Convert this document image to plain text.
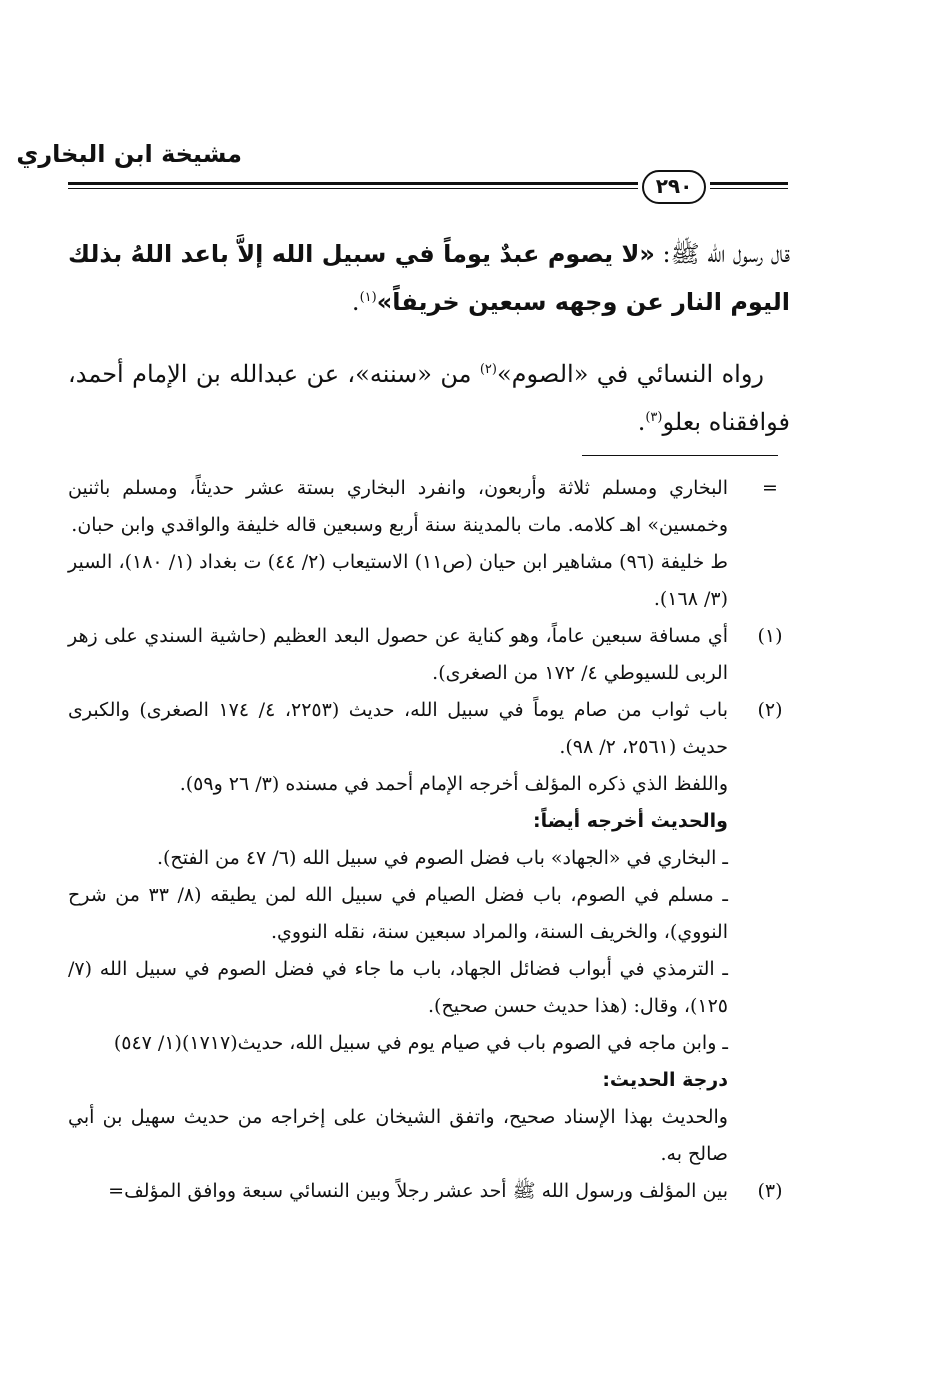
مشيخة ابن البخاري
٢٩٠
قال رسول الله ﷺ: «لا يصوم عبدٌ يوماً في سبيل الله إلاَّ باعد اللهُ بذلك اليوم النار عن وجهه سبعين خريفاً»$^{(١)}$.
رواه النسائي في «الصوم»$^{(٢)}$ من «سننه»، عن عبدالله بن الإمام أحمد، فوافقناه بعلو$^{(٣)}$.
=

البخاري ومسلم ثلاثة وأربعون، وانفرد البخاري بستة عشر حديثاً، ومسلم باثنين وخمسين» اهـ كلامه. مات بالمدينة سنة أربع وسبعين قاله خليفة والواقدي وابن حبان.

ط خليفة (٩٦) مشاهير ابن حيان (ص١١) الاستيعاب (٢/ ٤٤) ت بغداد (١/ ١٨٠)، السير (٣/ ١٦٨).

(١)

أي مسافة سبعين عاماً، وهو كناية عن حصول البعد العظيم (حاشية السندي على زهر الربى للسيوطي ٤/ ١٧٢ من الصغرى).

(٢)

باب ثواب من صام يوماً في سبيل الله، حديث (٢٢٥٣، ٤/ ١٧٤ الصغرى) والكبرى حديث (٢٥٦١، ٢/ ٩٨).

واللفظ الذي ذكره المؤلف أخرجه الإمام أحمد في مسنده (٣/ ٢٦ و٥٩).

والحديث أخرجه أيضاً:

ـ البخاري في «الجهاد» باب فضل الصوم في سبيل الله (٦/ ٤٧ من الفتح).

ـ مسلم في الصوم، باب فضل الصيام في سبيل الله لمن يطيقه (٨/ ٣٣ من شرح النووي)، والخريف السنة، والمراد سبعين سنة، نقله النووي.

ـ الترمذي في أبواب فضائل الجهاد، باب ما جاء في فضل الصوم في سبيل الله (٧/ ١٢٥)، وقال: (هذا حديث حسن صحيح).

ـ وابن ماجه في الصوم باب في صيام يوم في سبيل الله، حديث(١٧١٧)(١/ ٥٤٧)

درجة الحديث:

والحديث بهذا الإسناد صحيح، واتفق الشيخان على إخراجه من حديث سهيل بن أبي صالح به.

(٣)

بين المؤلف ورسول الله ﷺ أحد عشر رجلاً وبين النسائي سبعة ووافق المؤلف=
